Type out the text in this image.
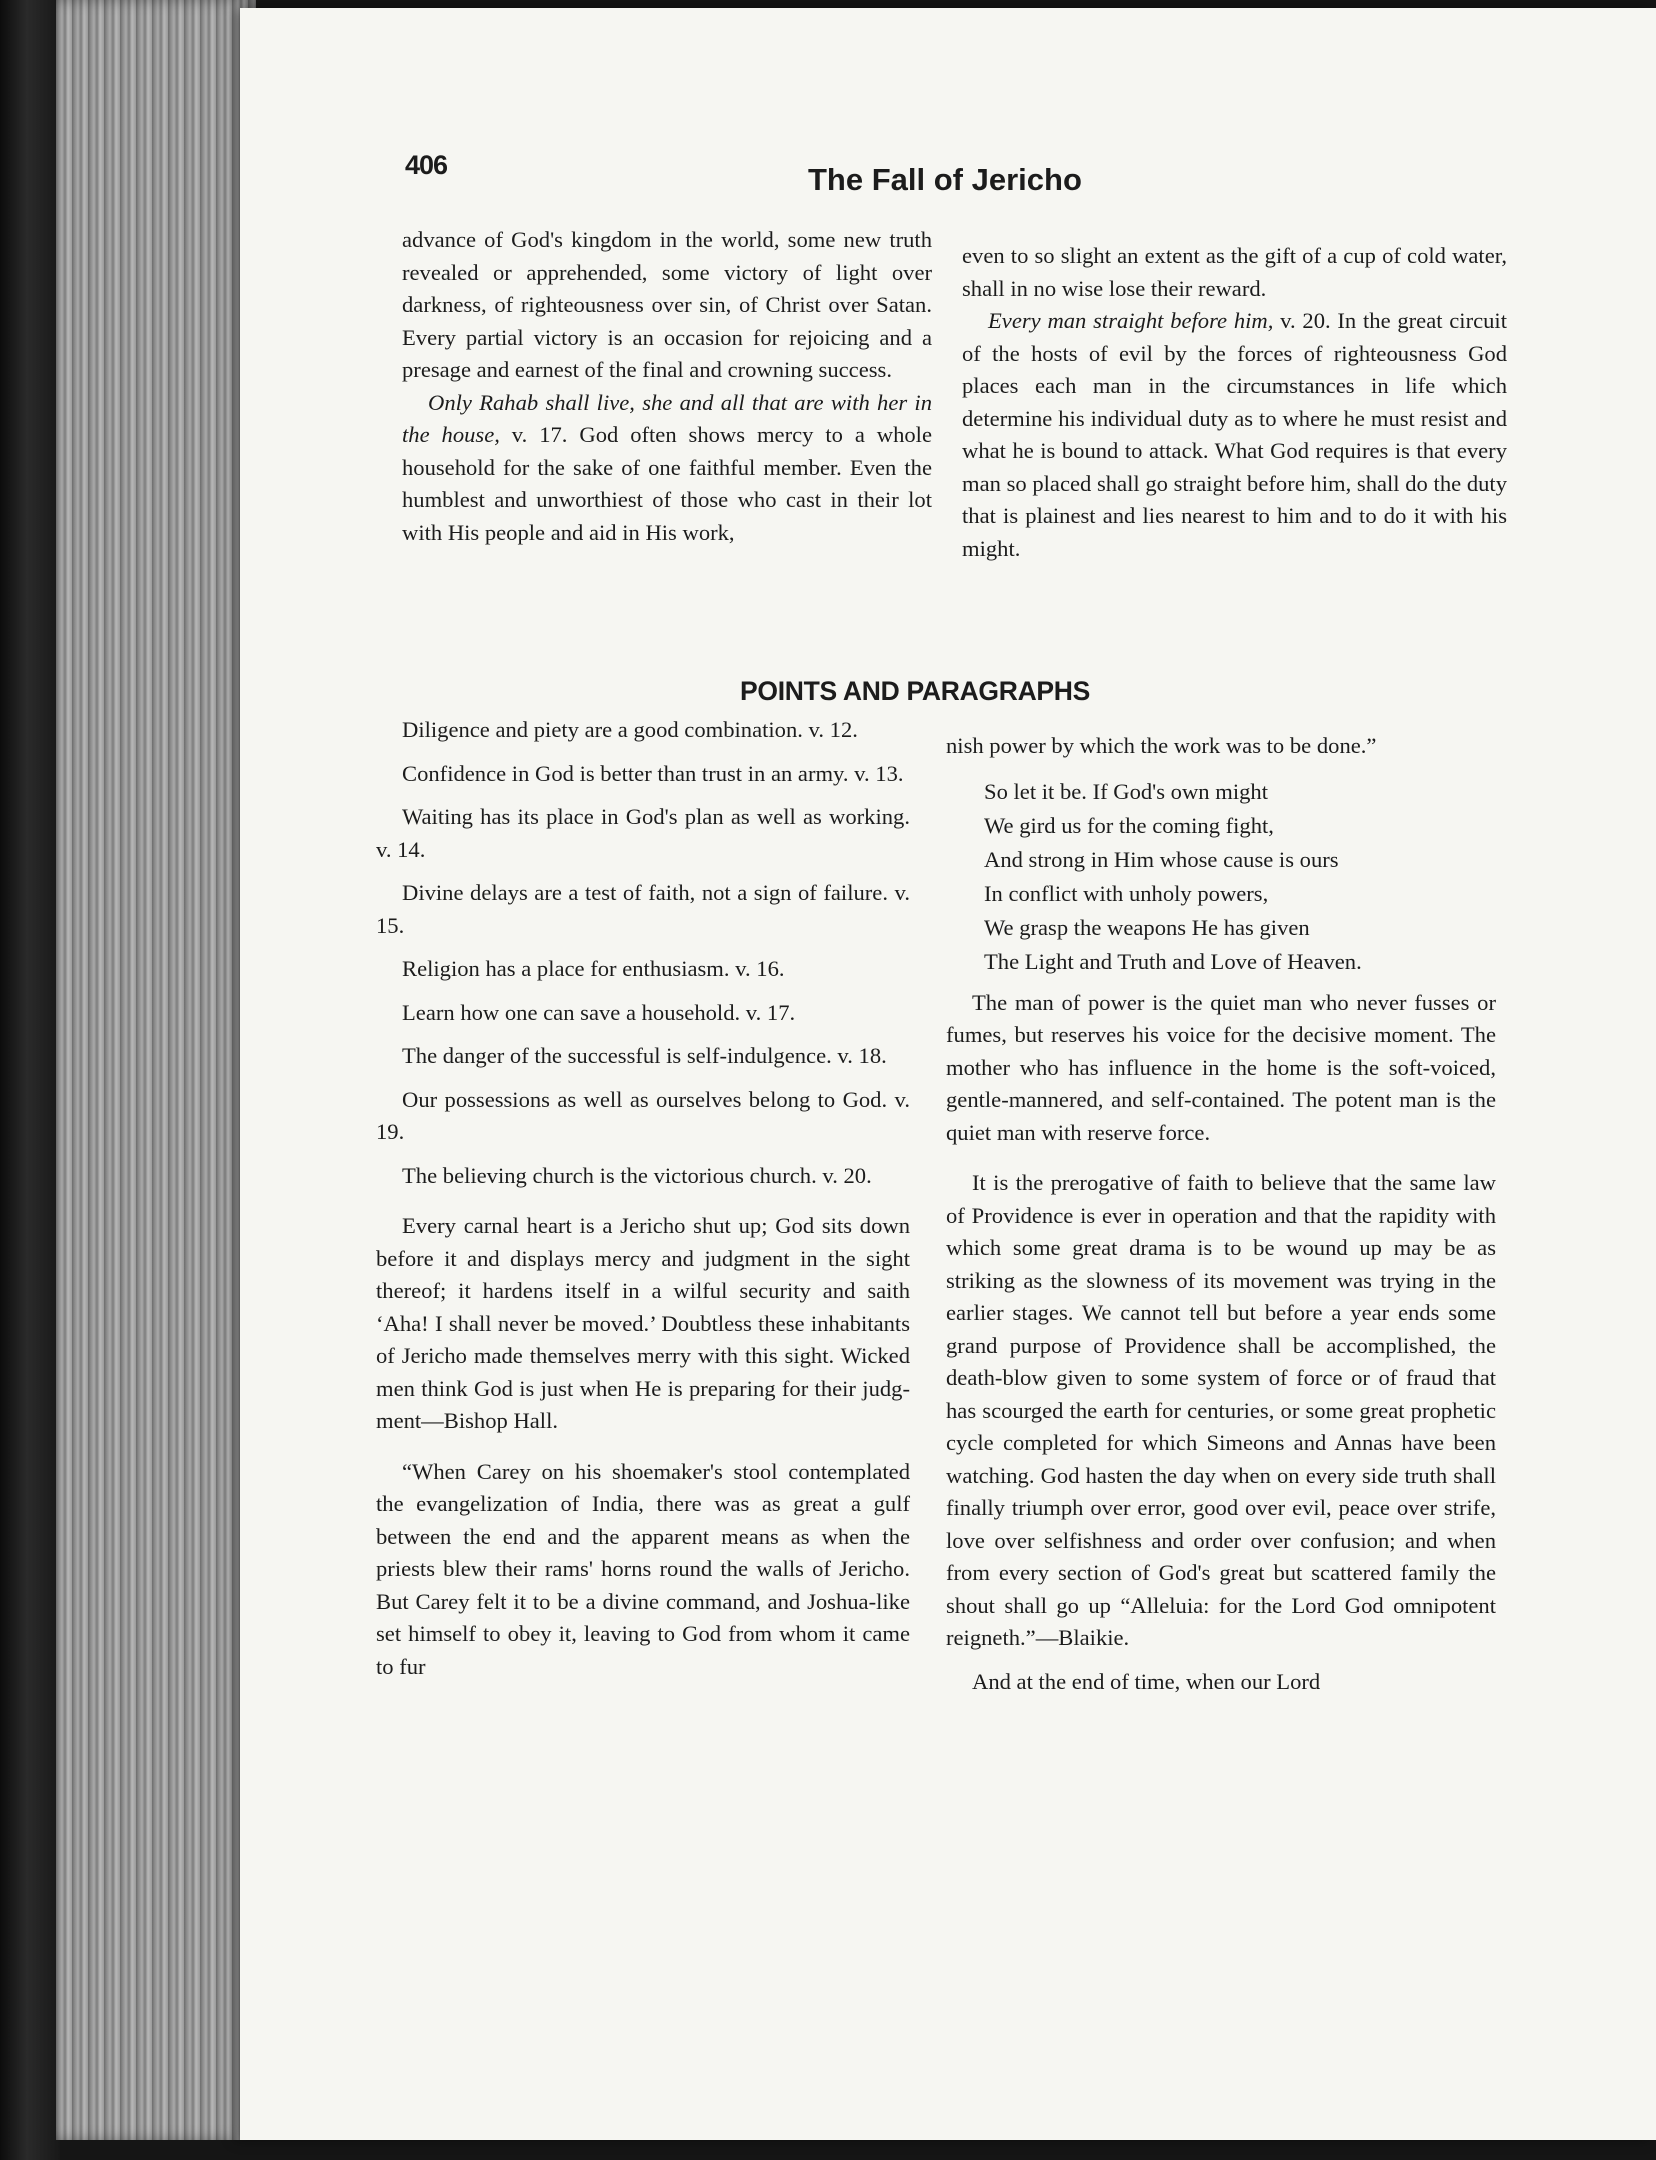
406	The Fall of Jericho

advance of God's kingdom in the world, some new truth revealed or apprehended, some victory of light over darkness, of righteousness over sin, of Christ over Satan. Every partial victory is an occasion for rejoicing and a presage and earnest of the final and crowning success.

Only Rahab shall live, she and all that are with her in the house, v. 17. God often shows mercy to a whole household for the sake of one faithful member. Even the humblest and unworthiest of those who cast in their lot with His people and aid in His work,

even to so slight an extent as the gift of a cup of cold water, shall in no wise lose their reward.

Every man straight before him, v. 20. In the great circuit of the hosts of evil by the forces of righteousness God places each man in the circumstances in life which determine his individual duty as to where he must resist and what he is bound to attack. What God requires is that every man so placed shall go straight before him, shall do the duty that is plainest and lies nearest to him and to do it with his might.

POINTS AND PARAGRAPHS

Diligence and piety are a good combination. v. 12.

Confidence in God is better than trust in an army. v. 13.

Waiting has its place in God's plan as well as working. v. 14.

Divine delays are a test of faith, not a sign of failure. v. 15.

Religion has a place for enthusiasm. v. 16.

Learn how one can save a household. v. 17.

The danger of the successful is self-indulgence. v. 18.

Our possessions as well as ourselves belong to God. v. 19.

The believing church is the victorious church. v. 20.

Every carnal heart is a Jericho shut up; God sits down before it and displays mercy and judgment in the sight thereof; it hardens itself in a wilful security and saith ‘Aha! I shall never be moved.’ Doubtless these inhabitants of Jericho made themselves merry with this sight. Wicked men think God is just when He is preparing for their judgment—Bishop Hall.

“When Carey on his shoemaker's stool contemplated the evangelization of India, there was as great a gulf between the end and the apparent means as when the priests blew their rams' horns round the walls of Jericho. But Carey felt it to be a divine command, and Joshua-like set himself to obey it, leaving to God from whom it came to fur

nish power by which the work was to be done.”

So let it be. If God's own might
We gird us for the coming fight,
And strong in Him whose cause is ours
In conflict with unholy powers,
We grasp the weapons He has given
The Light and Truth and Love of Heaven.

The man of power is the quiet man who never fusses or fumes, but reserves his voice for the decisive moment. The mother who has influence in the home is the soft-voiced, gentle-mannered, and self-contained. The potent man is the quiet man with reserve force.

It is the prerogative of faith to believe that the same law of Providence is ever in operation and that the rapidity with which some great drama is to be wound up may be as striking as the slowness of its movement was trying in the earlier stages. We cannot tell but before a year ends some grand purpose of Providence shall be accomplished, the death-blow given to some system of force or of fraud that has scourged the earth for centuries, or some great prophetic cycle completed for which Simeons and Annas have been watching. God hasten the day when on every side truth shall finally triumph over error, good over evil, peace over strife, love over selfishness and order over confusion; and when from every section of God's great but scattered family the shout shall go up “Alleluia: for the Lord God omnipotent reigneth.”—Blaikie.

And at the end of time, when our Lord
